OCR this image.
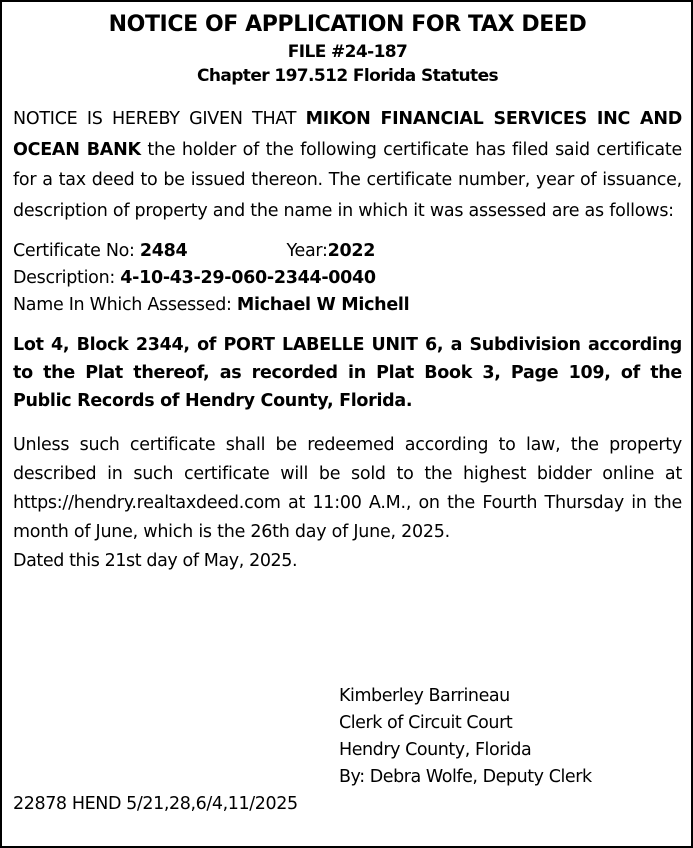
NOTICE OF APPLICATION FOR TAX DEED
FILE #24-187
Chapter 197.512 Florida Statutes

NOTICE IS HEREBY GIVEN THAT MIKON FINANCIAL SERVICES INC AND OCEAN BANK the holder of the following certificate has filed said certificate for a tax deed to be issued thereon. The certificate number, year of issuance, description of property and the name in which it was assessed are as follows:

Certificate No: 2484	Year:2022
Description: 4-10-43-29-060-2344-0040
Name In Which Assessed: Michael W Michell

Lot 4, Block 2344, of PORT LABELLE UNIT 6, a Subdivision according to the Plat thereof, as recorded in Plat Book 3, Page 109, of the Public Records of Hendry County, Florida.

Unless such certificate shall be redeemed according to law, the property described in such certificate will be sold to the highest bidder online at https://hendry.realtaxdeed.com at 11:00 A.M., on the Fourth Thursday in the month of June, which is the 26th day of June, 2025.

Dated this 21st day of May, 2025.
Kimberley Barrineau
Clerk of Circuit Court
Hendry County, Florida
By: Debra Wolfe, Deputy Clerk
22878 HEND 5/21,28,6/4,11/2025
